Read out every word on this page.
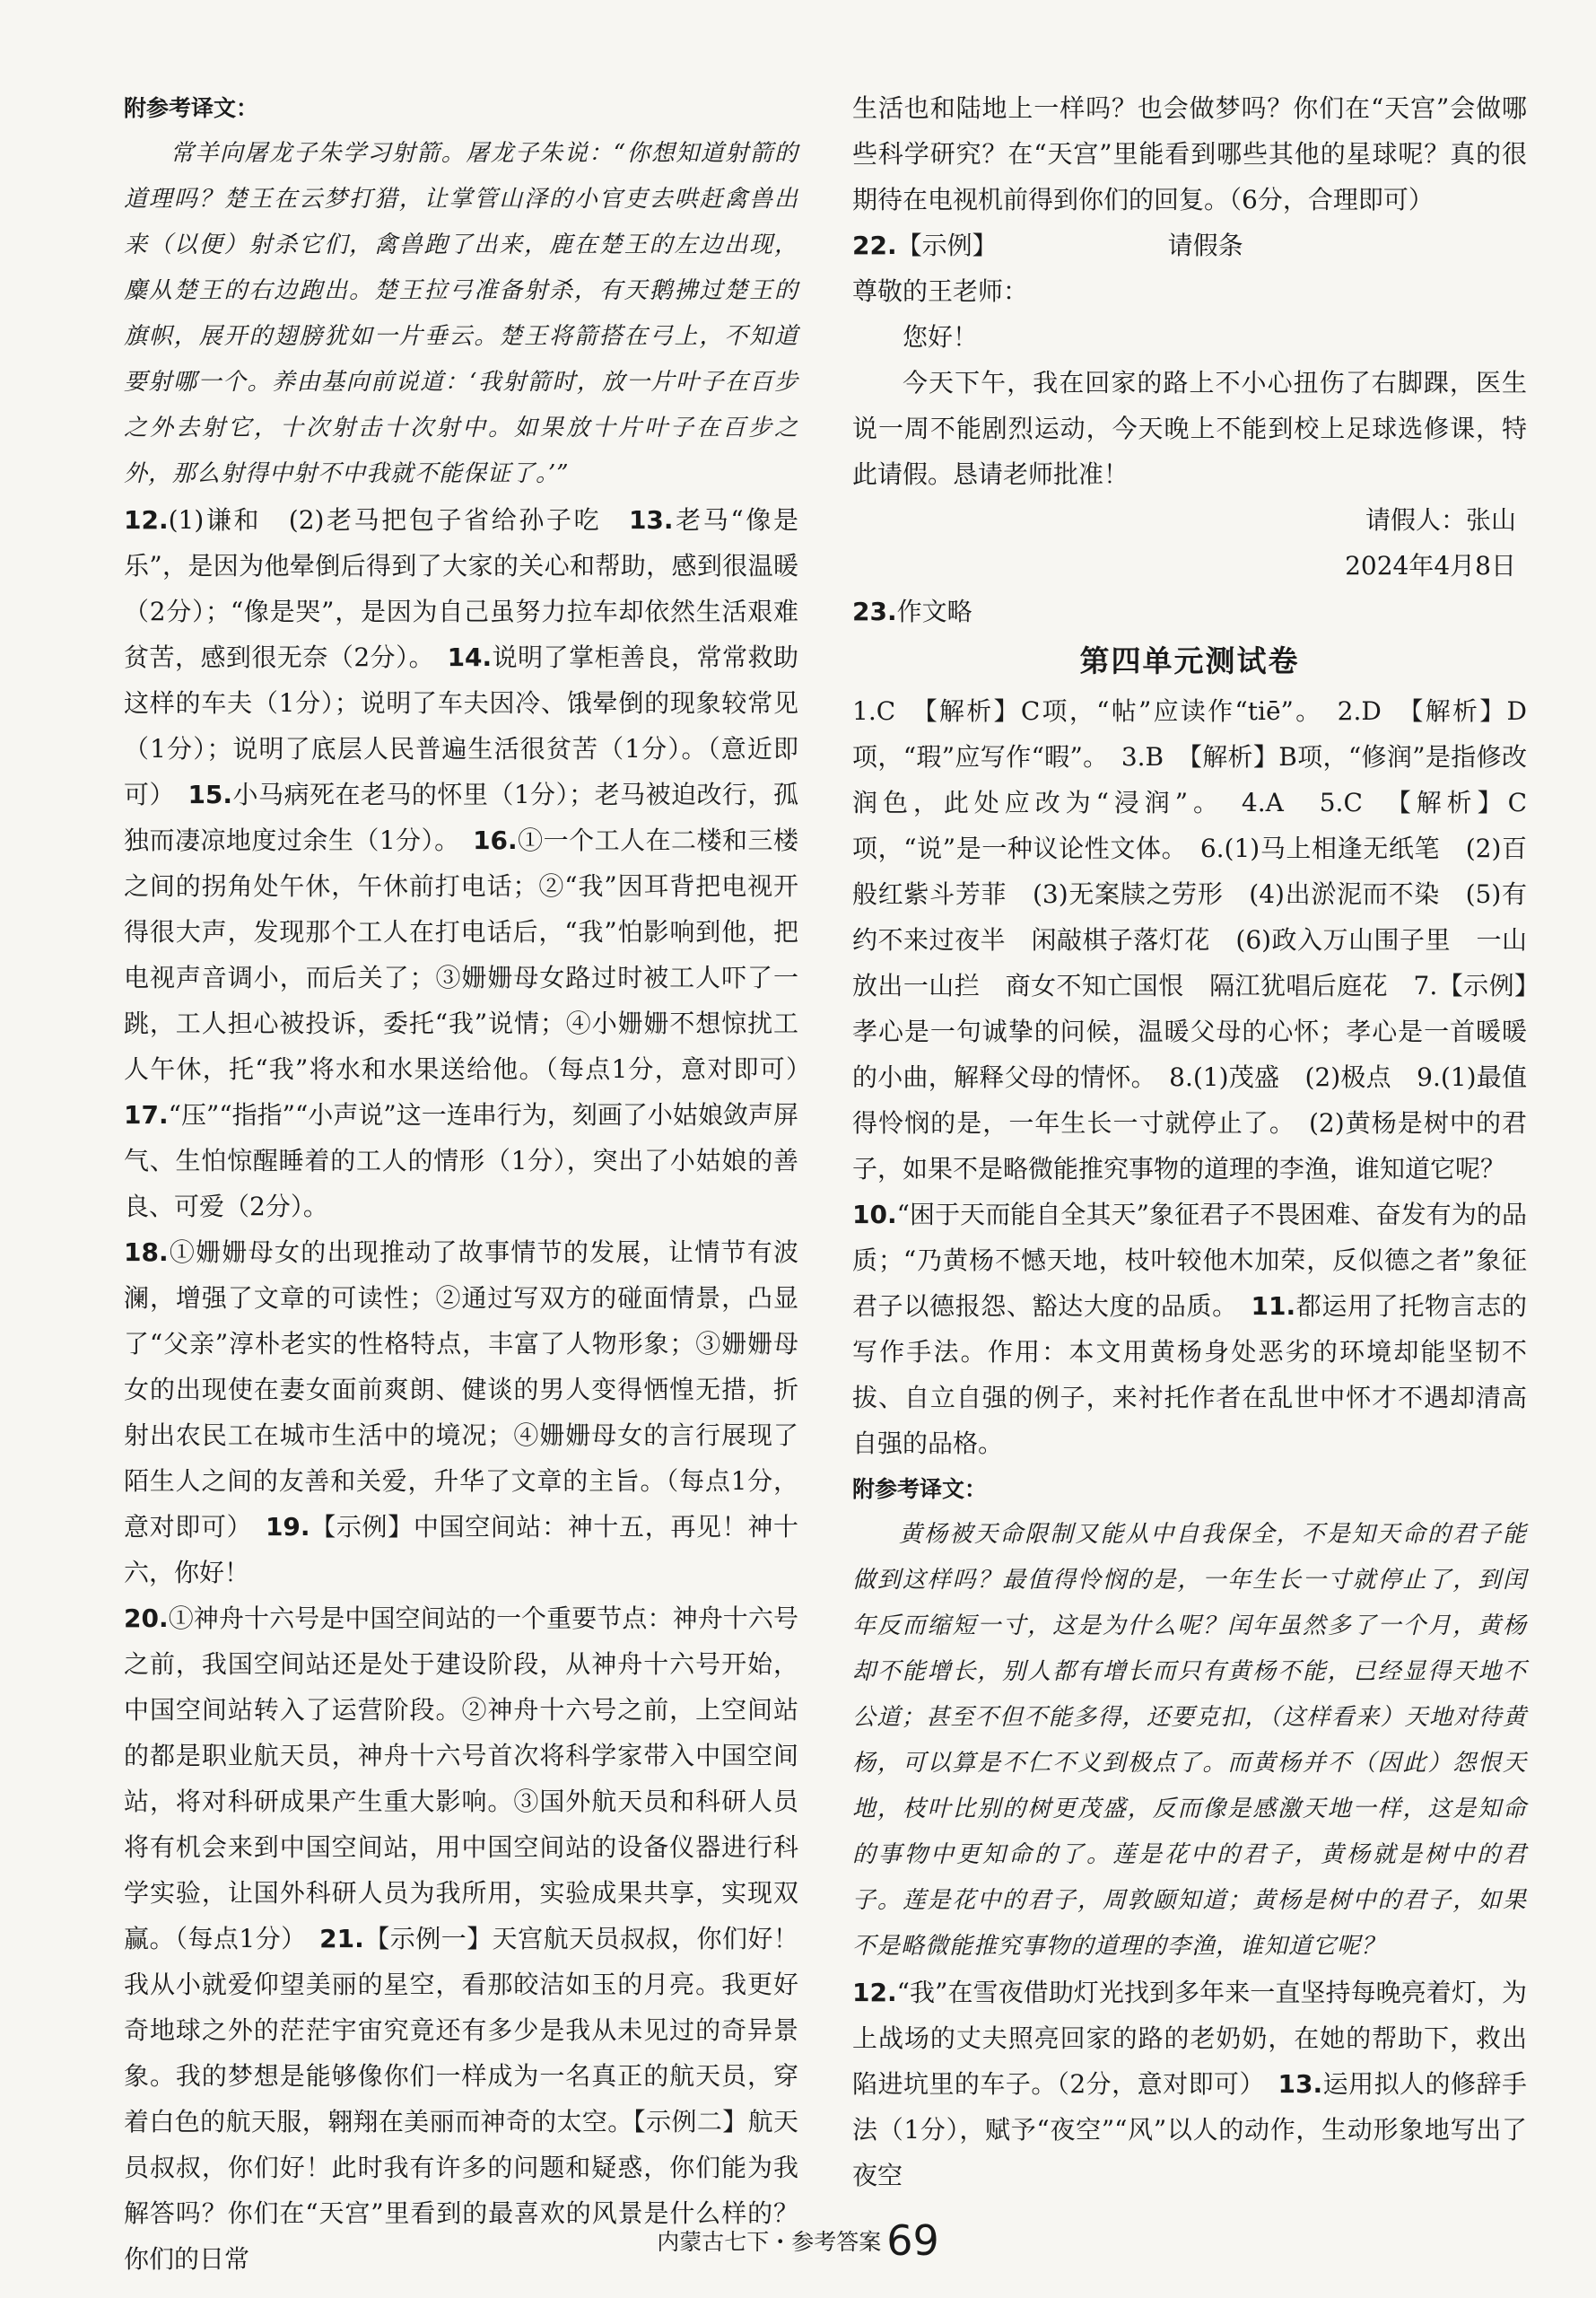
附参考译文：

常羊向屠龙子朱学习射箭。屠龙子朱说：“你想知道射箭的道理吗？楚王在云梦打猎，让掌管山泽的小官吏去哄赶禽兽出来（以便）射杀它们，禽兽跑了出来，鹿在楚王的左边出现，麋从楚王的右边跑出。楚王拉弓准备射杀，有天鹅拂过楚王的旗帜，展开的翅膀犹如一片垂云。楚王将箭搭在弓上，不知道要射哪一个。养由基向前说道：‘我射箭时，放一片叶子在百步之外去射它，十次射击十次射中。如果放十片叶子在百步之外，那么射得中射不中我就不能保证了。’”

12.(1)谦和　(2)老马把包子省给孙子吃　13.老马“像是乐”，是因为他晕倒后得到了大家的关心和帮助，感到很温暖（2分）；“像是哭”，是因为自己虽努力拉车却依然生活艰难贫苦，感到很无奈（2分）。　14.说明了掌柜善良，常常救助这样的车夫（1分）；说明了车夫因冷、饿晕倒的现象较常见（1分）；说明了底层人民普遍生活很贫苦（1分）。（意近即可）　15.小马病死在老马的怀里（1分）；老马被迫改行，孤独而凄凉地度过余生（1分）。　16.①一个工人在二楼和三楼之间的拐角处午休，午休前打电话；②“我”因耳背把电视开得很大声，发现那个工人在打电话后，“我”怕影响到他，把电视声音调小，而后关了；③姗姗母女路过时被工人吓了一跳，工人担心被投诉，委托“我”说情；④小姗姗不想惊扰工人午休，托“我”将水和水果送给他。（每点1分，意对即可）　17.“压”“指指”“小声说”这一连串行为，刻画了小姑娘敛声屏气、生怕惊醒睡着的工人的情形（1分），突出了小姑娘的善良、可爱（2分）。

18.①姗姗母女的出现推动了故事情节的发展，让情节有波澜，增强了文章的可读性；②通过写双方的碰面情景，凸显了“父亲”淳朴老实的性格特点，丰富了人物形象；③姗姗母女的出现使在妻女面前爽朗、健谈的男人变得恓惶无措，折射出农民工在城市生活中的境况；④姗姗母女的言行展现了陌生人之间的友善和关爱，升华了文章的主旨。（每点1分，意对即可）　19.【示例】中国空间站：神十五，再见！神十六，你好！

20.①神舟十六号是中国空间站的一个重要节点：神舟十六号之前，我国空间站还是处于建设阶段，从神舟十六号开始，中国空间站转入了运营阶段。②神舟十六号之前，上空间站的都是职业航天员，神舟十六号首次将科学家带入中国空间站，将对科研成果产生重大影响。③国外航天员和科研人员将有机会来到中国空间站，用中国空间站的设备仪器进行科学实验，让国外科研人员为我所用，实验成果共享，实现双赢。（每点1分）　21.【示例一】天宫航天员叔叔，你们好！我从小就爱仰望美丽的星空，看那皎洁如玉的月亮。我更好奇地球之外的茫茫宇宙究竟还有多少是我从未见过的奇异景象。我的梦想是能够像你们一样成为一名真正的航天员，穿着白色的航天服，翱翔在美丽而神奇的太空。【示例二】航天员叔叔，你们好！此时我有许多的问题和疑惑，你们能为我解答吗？你们在“天宫”里看到的最喜欢的风景是什么样的？你们的日常

生活也和陆地上一样吗？也会做梦吗？你们在“天宫”会做哪些科学研究？在“天宫”里能看到哪些其他的星球呢？真的很期待在电视机前得到你们的回复。（6分，合理即可）

22.【示例】	请假条

尊敬的王老师：

您好！

今天下午，我在回家的路上不小心扭伤了右脚踝，医生说一周不能剧烈运动，今天晚上不能到校上足球选修课，特此请假。恳请老师批准！

请假人：张山

2024年4月8日

23.作文略

第四单元测试卷

1.C　【解析】C项，“帖”应读作“tiē”。　2.D　【解析】D项，“瑕”应写作“暇”。　3.B　【解析】B项，“修润”是指修改润色，此处应改为“浸润”。　4.A　5.C　【解析】C项，“说”是一种议论性文体。　6.(1)马上相逢无纸笔　(2)百般红紫斗芳菲　(3)无案牍之劳形　(4)出淤泥而不染　(5)有约不来过夜半　闲敲棋子落灯花　(6)政入万山围子里　一山放出一山拦　商女不知亡国恨　隔江犹唱后庭花　7.【示例】孝心是一句诚挚的问候，温暖父母的心怀；孝心是一首暖暖的小曲，解释父母的情怀。　8.(1)茂盛　(2)极点　9.(1)最值得怜悯的是，一年生长一寸就停止了。　(2)黄杨是树中的君子，如果不是略微能推究事物的道理的李渔，谁知道它呢？

10.“困于天而能自全其天”象征君子不畏困难、奋发有为的品质；“乃黄杨不憾天地，枝叶较他木加荣，反似德之者”象征君子以德报怨、豁达大度的品质。　11.都运用了托物言志的写作手法。作用：本文用黄杨身处恶劣的环境却能坚韧不拔、自立自强的例子，来衬托作者在乱世中怀才不遇却清高自强的品格。

附参考译文：

黄杨被天命限制又能从中自我保全，不是知天命的君子能做到这样吗？最值得怜悯的是，一年生长一寸就停止了，到闰年反而缩短一寸，这是为什么呢？闰年虽然多了一个月，黄杨却不能增长，别人都有增长而只有黄杨不能，已经显得天地不公道；甚至不但不能多得，还要克扣，（这样看来）天地对待黄杨，可以算是不仁不义到极点了。而黄杨并不（因此）怨恨天地，枝叶比别的树更茂盛，反而像是感激天地一样，这是知命的事物中更知命的了。莲是花中的君子，黄杨就是树中的君子。莲是花中的君子，周敦颐知道；黄杨是树中的君子，如果不是略微能推究事物的道理的李渔，谁知道它呢？

12.“我”在雪夜借助灯光找到多年来一直坚持每晚亮着灯，为上战场的丈夫照亮回家的路的老奶奶，在她的帮助下，救出陷进坑里的车子。（2分，意对即可）　13.运用拟人的修辞手法（1分），赋予“夜空”“风”以人的动作，生动形象地写出了夜空

内蒙古七下・参考答案 69
